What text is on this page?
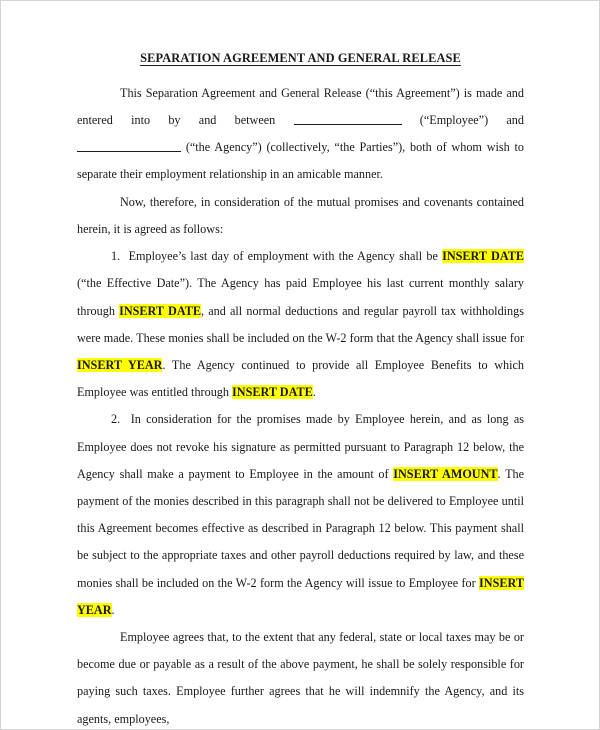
SEPARATION AGREEMENT AND GENERAL RELEASE

This Separation Agreement and General Release (“this Agreement”) is made and entered into by and between	(“Employee”) and  (“the Agency”) (collectively, “the Parties”), both of whom wish to separate their employment relationship in an amicable manner.

Now, therefore, in consideration of the mutual promises and covenants contained herein, it is agreed as follows:

1. Employee’s last day of employment with the Agency shall be INSERT DATE (“the Effective Date”). The Agency has paid Employee his last current monthly salary through INSERT DATE, and all normal deductions and regular payroll tax withholdings were made. These monies shall be included on the W-2 form that the Agency shall issue for INSERT YEAR. The Agency continued to provide all Employee Benefits to which Employee was entitled through INSERT DATE.

2. In consideration for the promises made by Employee herein, and as long as Employee does not revoke his signature as permitted pursuant to Paragraph 12 below, the Agency shall make a payment to Employee in the amount of INSERT AMOUNT. The payment of the monies described in this paragraph shall not be delivered to Employee until this Agreement becomes effective as described in Paragraph 12 below. This payment shall be subject to the appropriate taxes and other payroll deductions required by law, and these monies shall be included on the W-2 form the Agency will issue to Employee for INSERT YEAR.

Employee agrees that, to the extent that any federal, state or local taxes may be or become due or payable as a result of the above payment, he shall be solely responsible for paying such taxes. Employee further agrees that he will indemnify the Agency, and its agents, employees,
